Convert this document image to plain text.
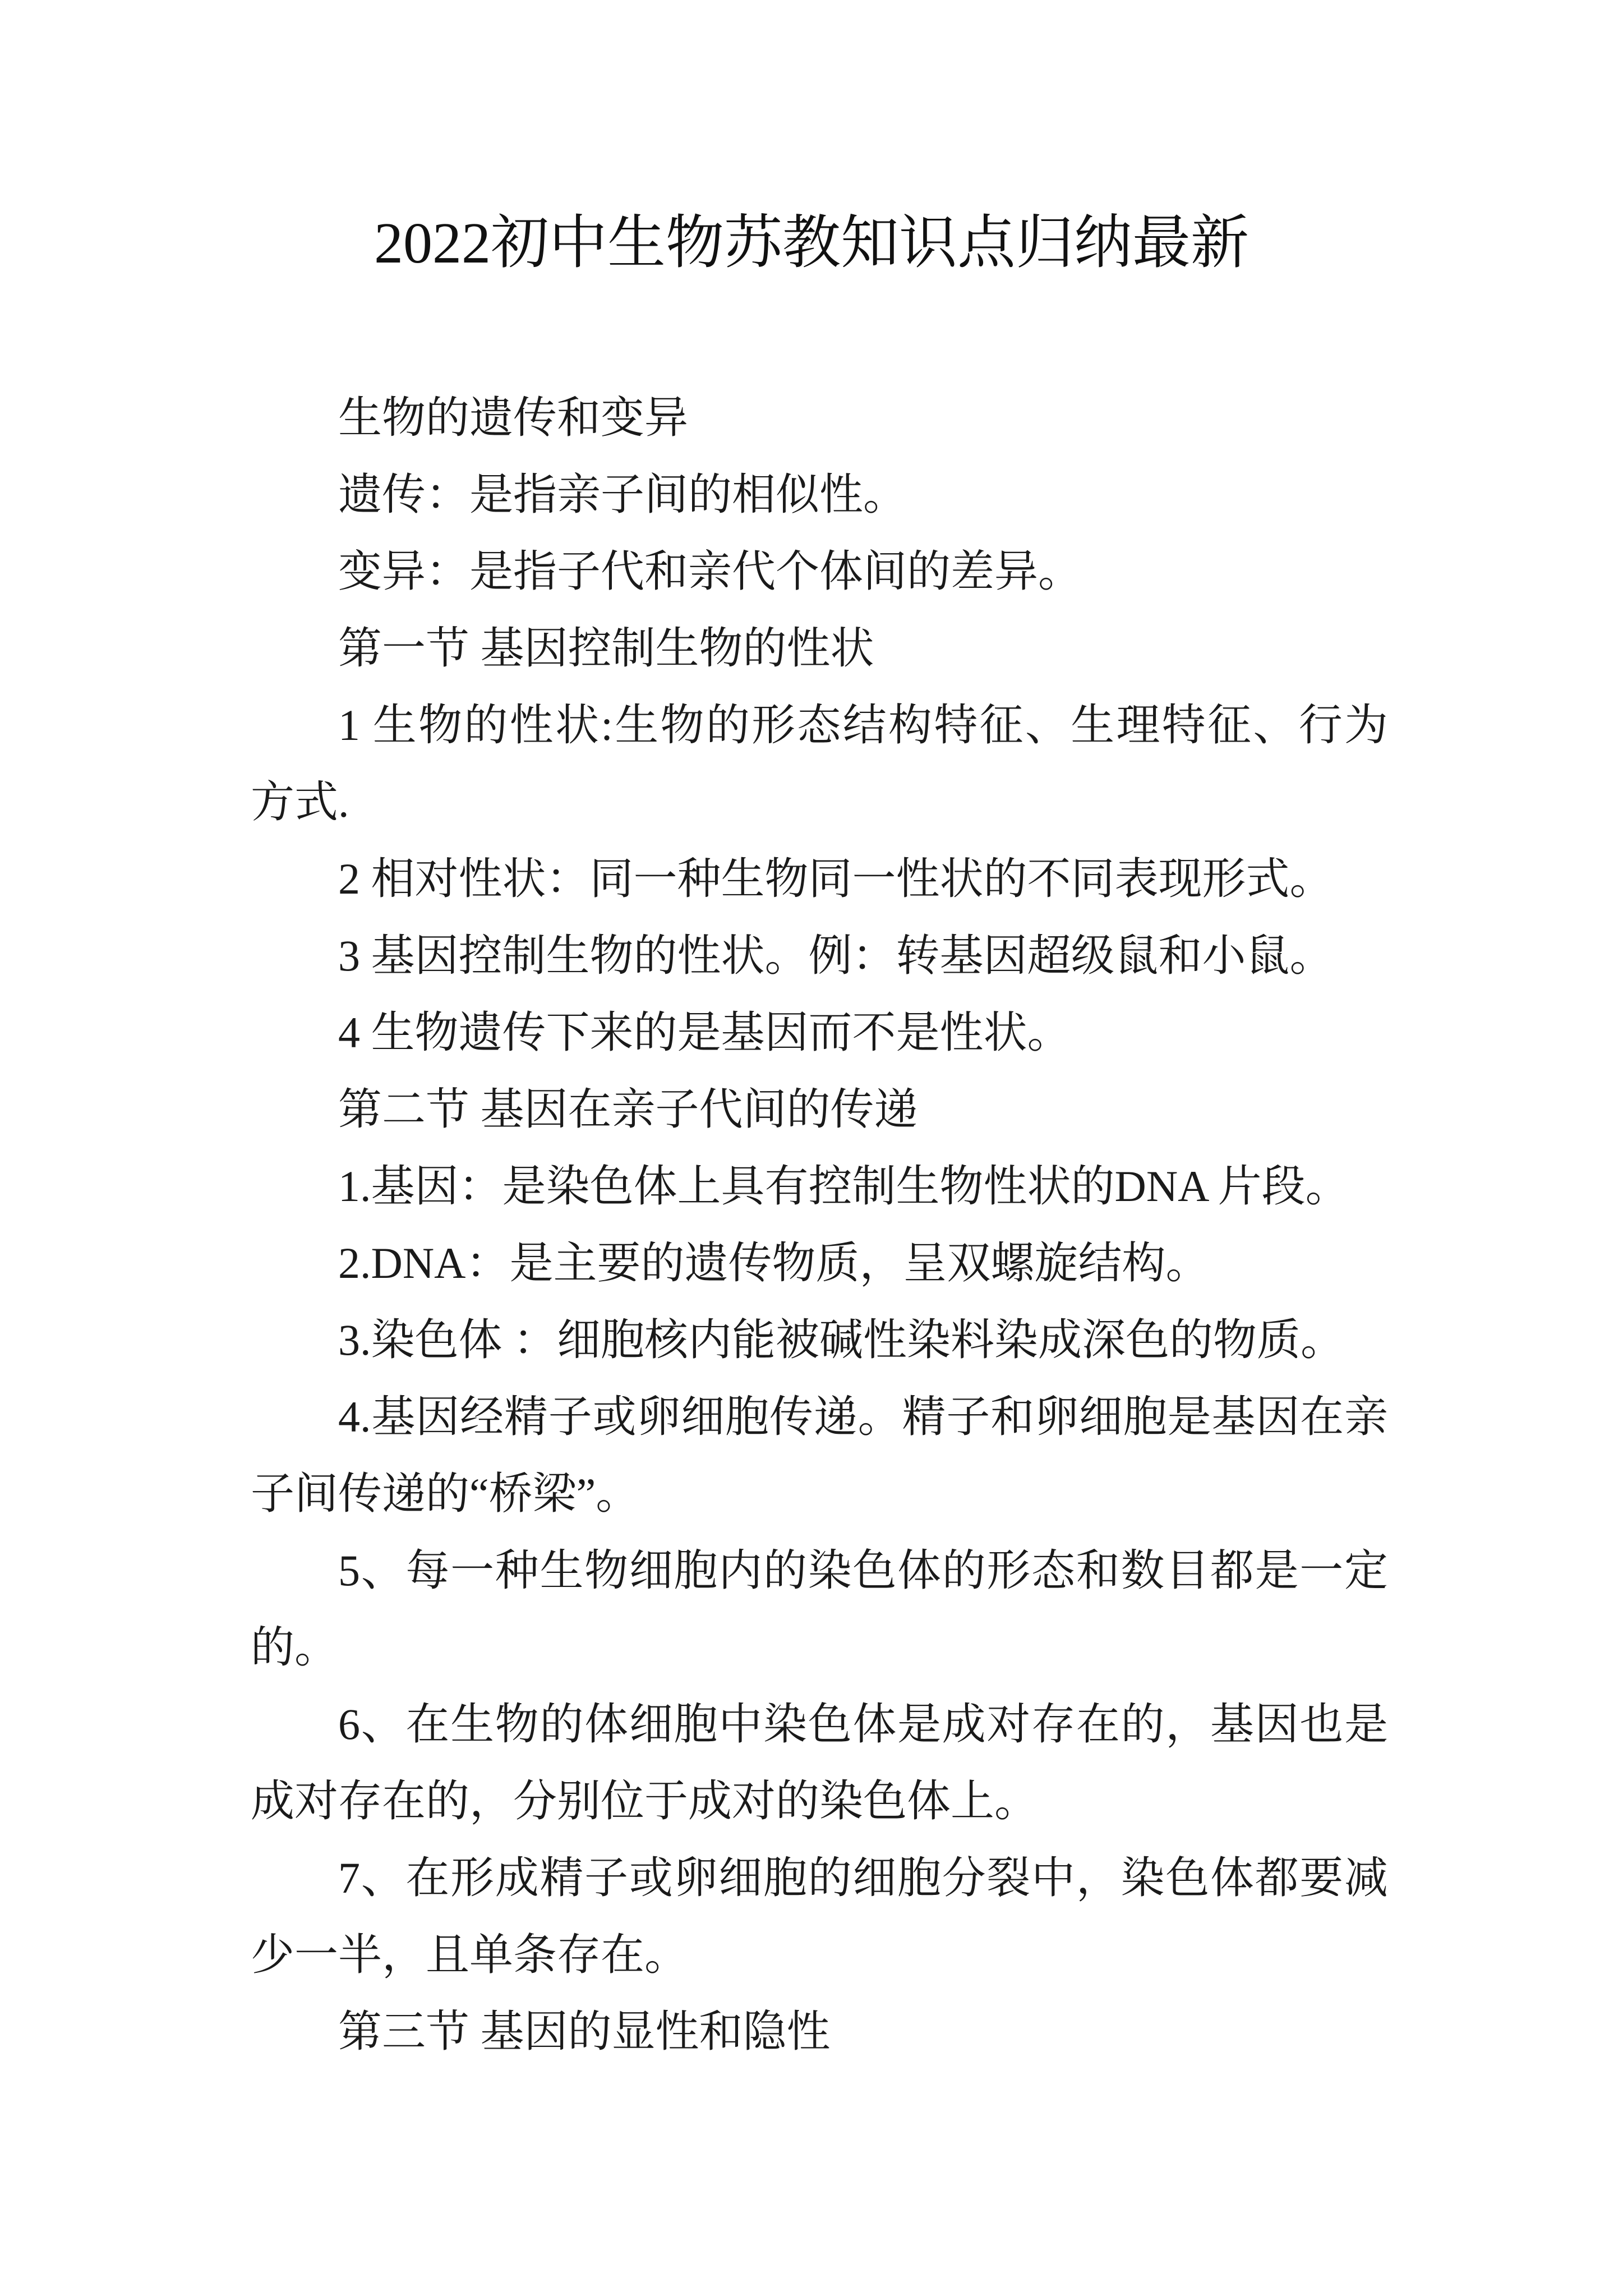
2022初中生物苏教知识点归纳最新
生物的遗传和变异
遗传：是指亲子间的相似性。
变异：是指子代和亲代个体间的差异。
第一节 基因控制生物的性状
1 生物的性状:生物的形态结构特征、生理特征、行为
方式.
2 相对性状：同一种生物同一性状的不同表现形式。
3 基因控制生物的性状。例：转基因超级鼠和小鼠。
4 生物遗传下来的是基因而不是性状。
第二节 基因在亲子代间的传递
1.基因：是染色体上具有控制生物性状的DNA 片段。
2.DNA：是主要的遗传物质，呈双螺旋结构。
3.染色体 ：细胞核内能被碱性染料染成深色的物质。
4.基因经精子或卵细胞传递。精子和卵细胞是基因在亲
子间传递的“桥梁”。
5、每一种生物细胞内的染色体的形态和数目都是一定
的。
6、在生物的体细胞中染色体是成对存在的，基因也是
成对存在的，分别位于成对的染色体上。
7、在形成精子或卵细胞的细胞分裂中，染色体都要减
少一半，且单条存在。
第三节 基因的显性和隐性
